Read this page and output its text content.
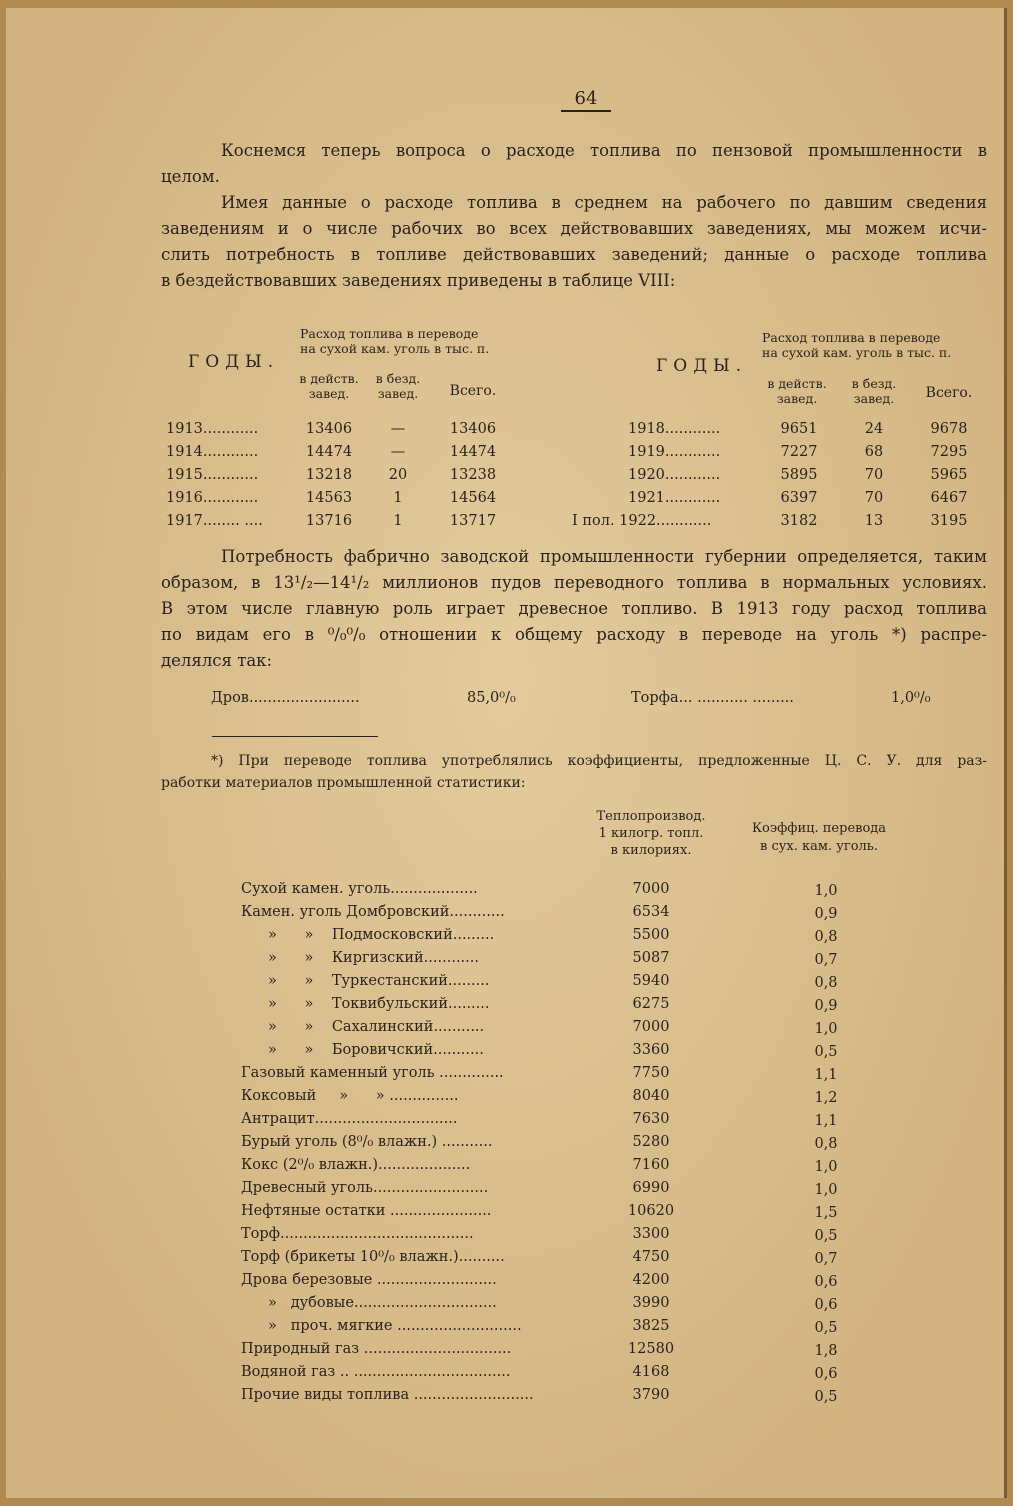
64
Коснемся теперь вопроса о расходе топлива по пензовой промышленности в
целом.
Имея данные о расходе топлива в среднем на рабочего по давшим сведения
заведениям и о числе рабочих во всех действовавших заведениях, мы можем исчи-
слить потребность в топливе действовавших заведений; данные о расходе топлива
в бездействовавших заведениях приведены в таблице VIII:
ГОДЫ.
Расход топлива в переводе
на сухой кам. уголь в тыс. п.
в действ.
завед.
в безд.
завед.	Всего.
1913............	13406	—	13406
1914............	14474	—	14474
1915............	13218	20	13238
1916............	14563	1	14564
1917........ ....	13716	1	13717
ГОДЫ.
Расход топлива в переводе
на сухой кам. уголь в тыс. п.
в действ.
завед.
в безд.
завед.	Всего.
1918............	9651	24	9678
1919............	7227	68	7295
1920............	5895	70	5965
1921............	6397	70	6467
I пол. 1922............	3182	13	3195
Потребность фабрично заводской промышленности губернии определяется, таким
образом, в 13¹/₂—14¹/₂ миллионов пудов переводного топлива в нормальных условиях.
В этом числе главную роль играет древесное топливо. В 1913 году расход топлива
по видам его в ⁰/₀⁰/₀ отношении к общему расходу в переводе на уголь *) распре-
делялся так:
Дров........................	85,0⁰/₀	Торфа... ........... .........	1,0⁰/₀
*) При переводе топлива употреблялись коэффициенты, предложенные Ц. С. У. для раз-
работки материалов промышленной статистики:
Теплопроизвод.
1 килогр. топл.
в килориях.
Коэффиц. перевода
в сух. кам. уголь.
Сухой камен. уголь...................	7000	1,0
Камен. уголь Домбровский............	6534	0,9
»      »    Подмосковский.........	5500	0,8
»      »    Киргизский............	5087	0,7
»      »    Туркестанский.........	5940	0,8
»      »    Токвибульский.........	6275	0,9
»      »    Сахалинский...........	7000	1,0
»      »    Боровичский...........	3360	0,5
Газовый каменный уголь ..............	7750	1,1
Коксовый     »      » ...............	8040	1,2
Антрацит...............................	7630	1,1
Бурый уголь (8⁰/₀ влажн.) ...........	5280	0,8
Кокс (2⁰/₀ влажн.)....................	7160	1,0
Древесный уголь.........................	6990	1,0
Нефтяные остатки ......................	10620	1,5
Торф..........................................	3300	0,5
Торф (брикеты 10⁰/₀ влажн.)..........	4750	0,7
Дрова березовые ..........................	4200	0,6
»   дубовые...............................	3990	0,6
»   проч. мягкие ...........................	3825	0,5
Природный газ ................................	12580	1,8
Водяной газ .. ..................................	4168	0,6
Прочие виды топлива ..........................	3790	0,5
